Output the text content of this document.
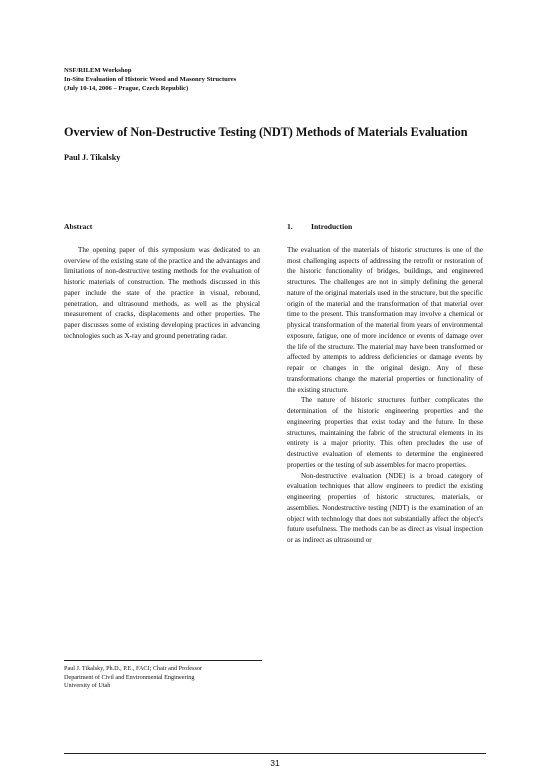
NSF/RILEM Workshop
In-Situ Evaluation of Historic Wood and Masonry Structures
(July 10-14, 2006 – Prague, Czech Republic)
Overview of Non-Destructive Testing (NDT) Methods of Materials Evaluation
Paul J. Tikalsky
Abstract

The opening paper of this symposium was dedicated to an overview of the existing state of the practice and the advantages and limitations of non-destructive testing methods for the evaluation of historic materials of construction. The methods discussed in this paper include the state of the practice in visual, rebound, penetration, and ultrasound methods, as well as the physical measurement of cracks, displacements and other properties. The paper discusses some of existing developing practices in advancing technologies such as X-ray and ground penetrating radar.

1. Introduction

The evaluation of the materials of historic structures is one of the most challenging aspects of addressing the retrofit or restoration of the historic functionality of bridges, buildings, and engineered structures. The challenges are not in simply defining the general nature of the original materials used in the structure, but the specific origin of the material and the transformation of that material over time to the present. This transformation may involve a chemical or physical transformation of the material from years of environmental exposure, fatigue, one of more incidence or events of damage over the life of the structure. The material may have been transformed or affected by attempts to address deficiencies or damage events by repair or changes in the original design. Any of these transformations change the material properties or functionality of the existing structure.

The nature of historic structures further complicates the determination of the historic engineering properties and the engineering properties that exist today and the future. In these structures, maintaining the fabric of the structural elements in its entirety is a major priority. This often precludes the use of destructive evaluation of elements to determine the engineered properties or the testing of sub assembles for macro properties.

Non-destructive evaluation (NDE) is a broad category of evaluation techniques that allow engineers to predict the existing engineering properties of historic structures, materials, or assemblies. Nondestructive testing (NDT) is the examination of an object with technology that does not substantially affect the object's future usefulness. The methods can be as direct as visual inspection or as indirect as ultrasound or

Paul J. Tikalsky, Ph.D., P.E., FACI; Chair and Professor
Department of Civil and Environmental Engineering
University of Utah
31
